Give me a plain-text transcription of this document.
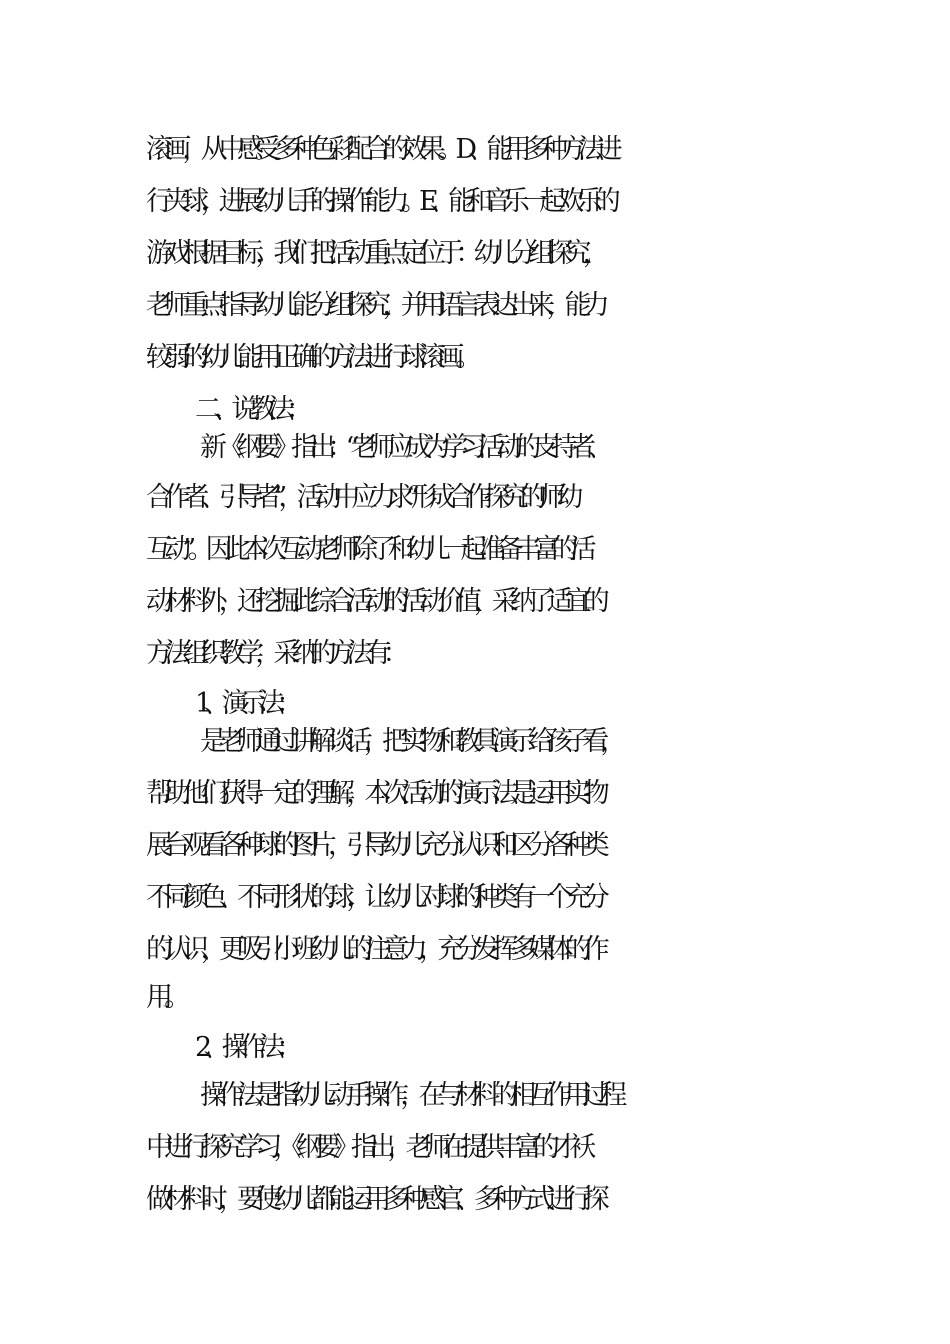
滚画，从中感受多种色彩配合的效果。D、能用多种方法进
行夹球，进展幼儿手的操作能力。E、能和音乐一起欢乐的
游戏根据目标，我们把活动重点定位于：幼儿分组探究，
老师重点指导幼儿能分组探究，并用语言表达出来，能力
较弱的幼儿能用正确的方法进行球滚画。
二、说教法：
新《纲要》指出：“老师应成为学习活动的支持者、
合作者、引导者”，活动中应力求“形成合作探究的师幼
互动”。因此本次互动老师除了和幼儿一起准备丰富的活
动材料外，还挖掘此综合活动的活动价值，采纳了适宜的
方法组织教学，采纳的方法有：
1、演示法：
是老师通过讲解谈话，把实物和教具演示给孩子看，
帮助他们获得一定的理解，本次活动的演示法是运用实物
展台观看各种球的图片，引导幼儿充分认识和区分各种类
不同颜色、不同形状的球，让幼儿对球的种类有一个充分
的认识，更吸引小班幼儿的注意力，充分发挥多媒体的作
用。
2、操作法：
操作法是指幼儿动手操作，在与材料的相互作用过程
中进行探究学习，《纲要》指出，老师在提供丰富的才袄
做材料时，要使幼儿都能运用多种感官、多种方式进行探
